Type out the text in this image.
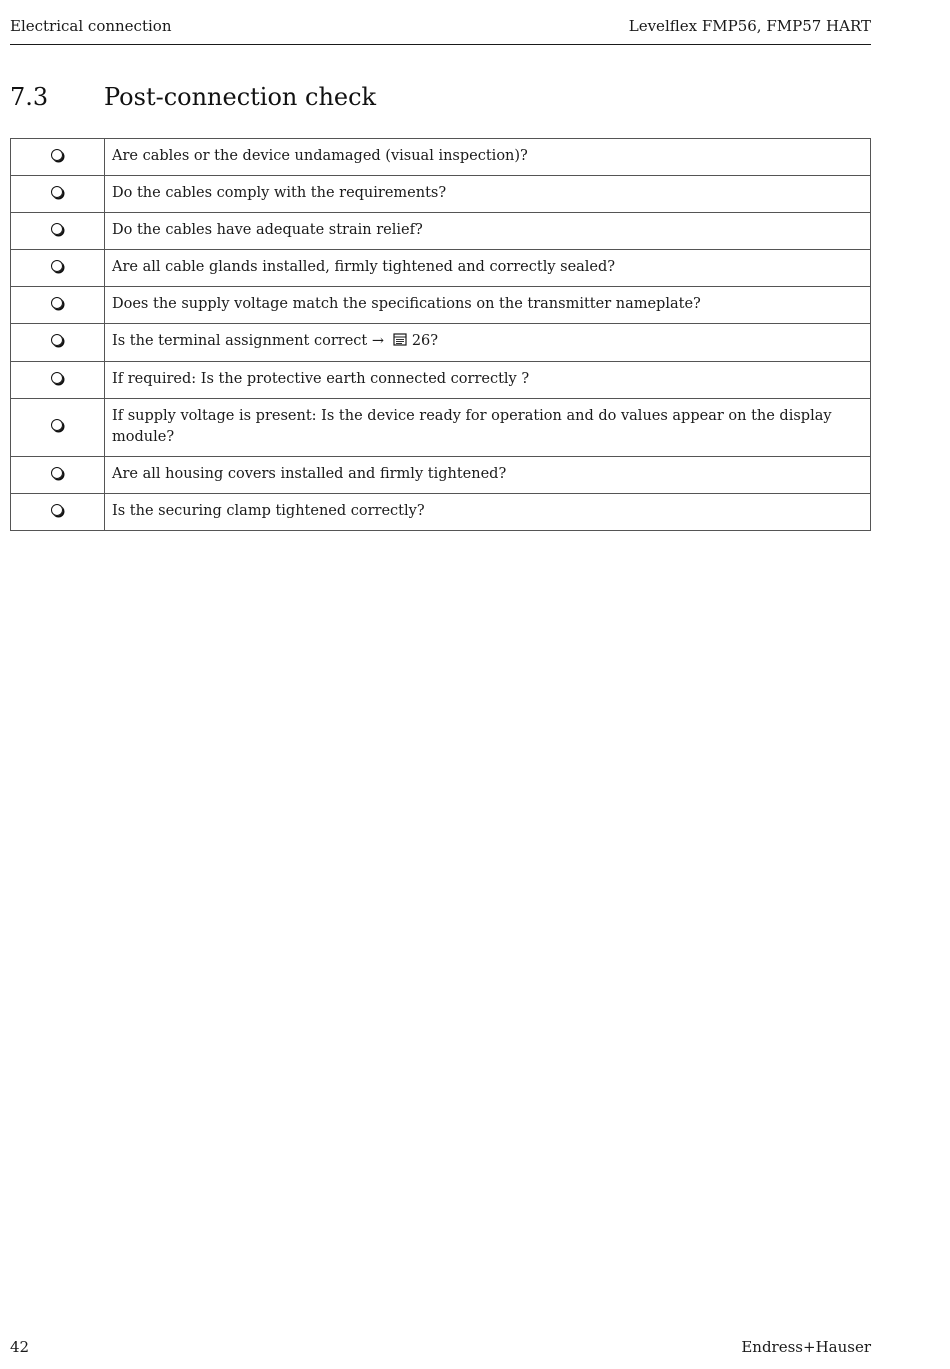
Electrical connection	Levelflex FMP56, FMP57 HART
7.3 Post-connection check
	Are cables or the device undamaged (visual inspection)?
	Do the cables comply with the requirements?
	Do the cables have adequate strain relief?
	Are all cable glands installed, firmly tightened and correctly sealed?
	Does the supply voltage match the specifications on the transmitter nameplate?
	Is the terminal assignment correct → 26?
	If required: Is the protective earth connected correctly ?
	If supply voltage is present: Is the device ready for operation and do values appear on the display module?
	Are all housing covers installed and firmly tightened?
	Is the securing clamp tightened correctly?
42	Endress+Hauser
